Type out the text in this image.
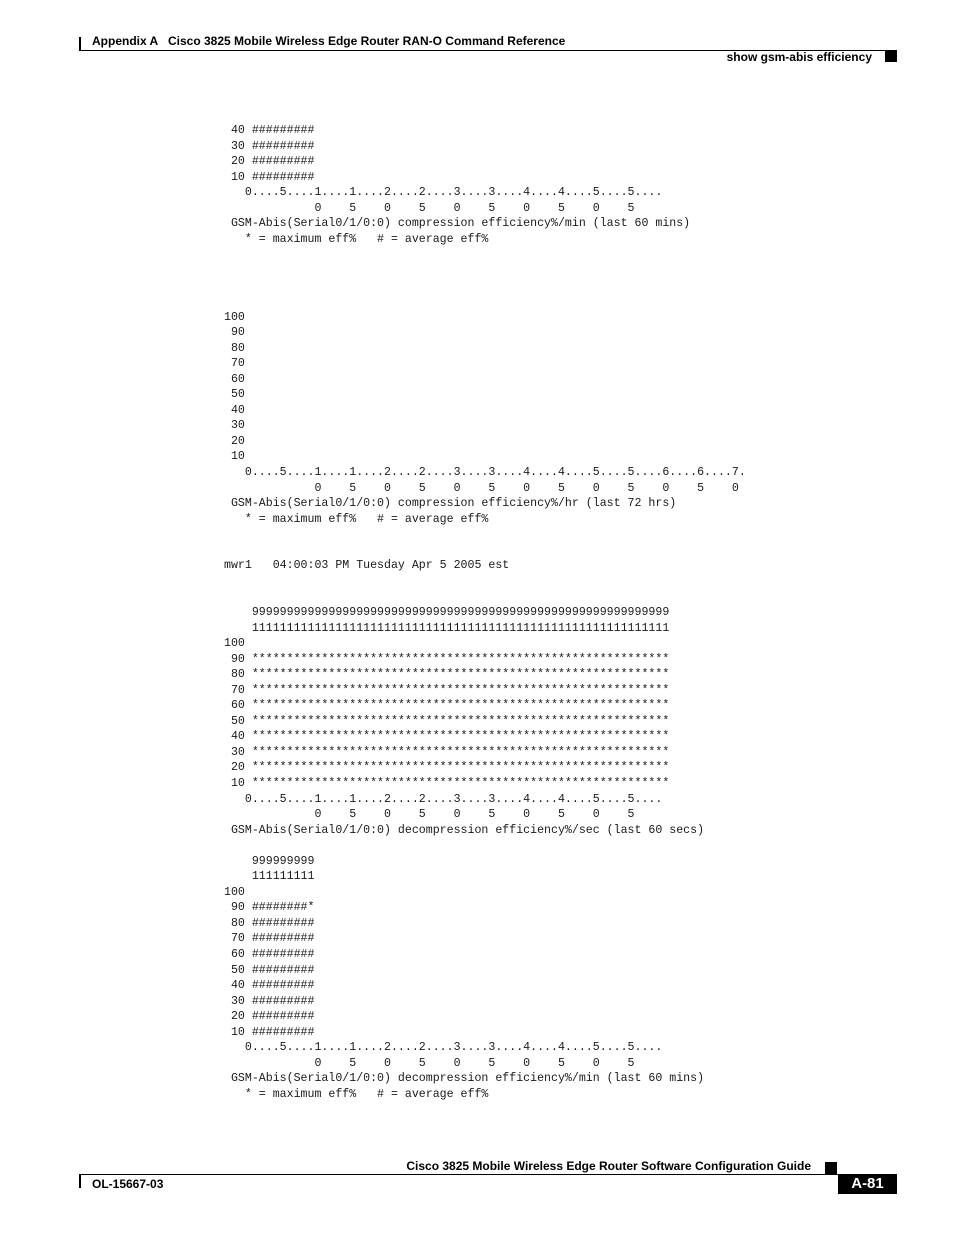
Appendix A Cisco 3825 Mobile Wireless Edge Router RAN-O Command Reference
show gsm-abis efficiency
40 #########
30 #########
20 #########
10 #########
0....5....1....1....2....2....3....3....4....4....5....5....
0    5    0    5    0    5    0    5    0    5
GSM-Abis(Serial0/1/0:0) compression efficiency%/min (last 60 mins)
* = maximum eff%   # = average eff%

100
90
80
70
60
50
40
30
20
10
0....5....1....1....2....2....3....3....4....4....5....5....6....6....7.
0    5    0    5    0    5    0    5    0    5    0    5    0
GSM-Abis(Serial0/1/0:0) compression efficiency%/hr (last 72 hrs)
* = maximum eff%   # = average eff%

mwr1   04:00:03 PM Tuesday Apr 5 2005 est

999999999999999999999999999999999999999999999999999999999999
111111111111111111111111111111111111111111111111111111111111
100
90 ************************************************************
80 ************************************************************
70 ************************************************************
60 ************************************************************
50 ************************************************************
40 ************************************************************
30 ************************************************************
20 ************************************************************
10 ************************************************************
0....5....1....1....2....2....3....3....4....4....5....5....
0    5    0    5    0    5    0    5    0    5
GSM-Abis(Serial0/1/0:0) decompression efficiency%/sec (last 60 secs)

999999999
111111111
100
90 ########*
80 #########
70 #########
60 #########
50 #########
40 #########
30 #########
20 #########
10 #########
0....5....1....1....2....2....3....3....4....4....5....5....
0    5    0    5    0    5    0    5    0    5
GSM-Abis(Serial0/1/0:0) decompression efficiency%/min (last 60 mins)
* = maximum eff%   # = average eff%
Cisco 3825 Mobile Wireless Edge Router Software Configuration Guide
OL-15667-03	A-81
